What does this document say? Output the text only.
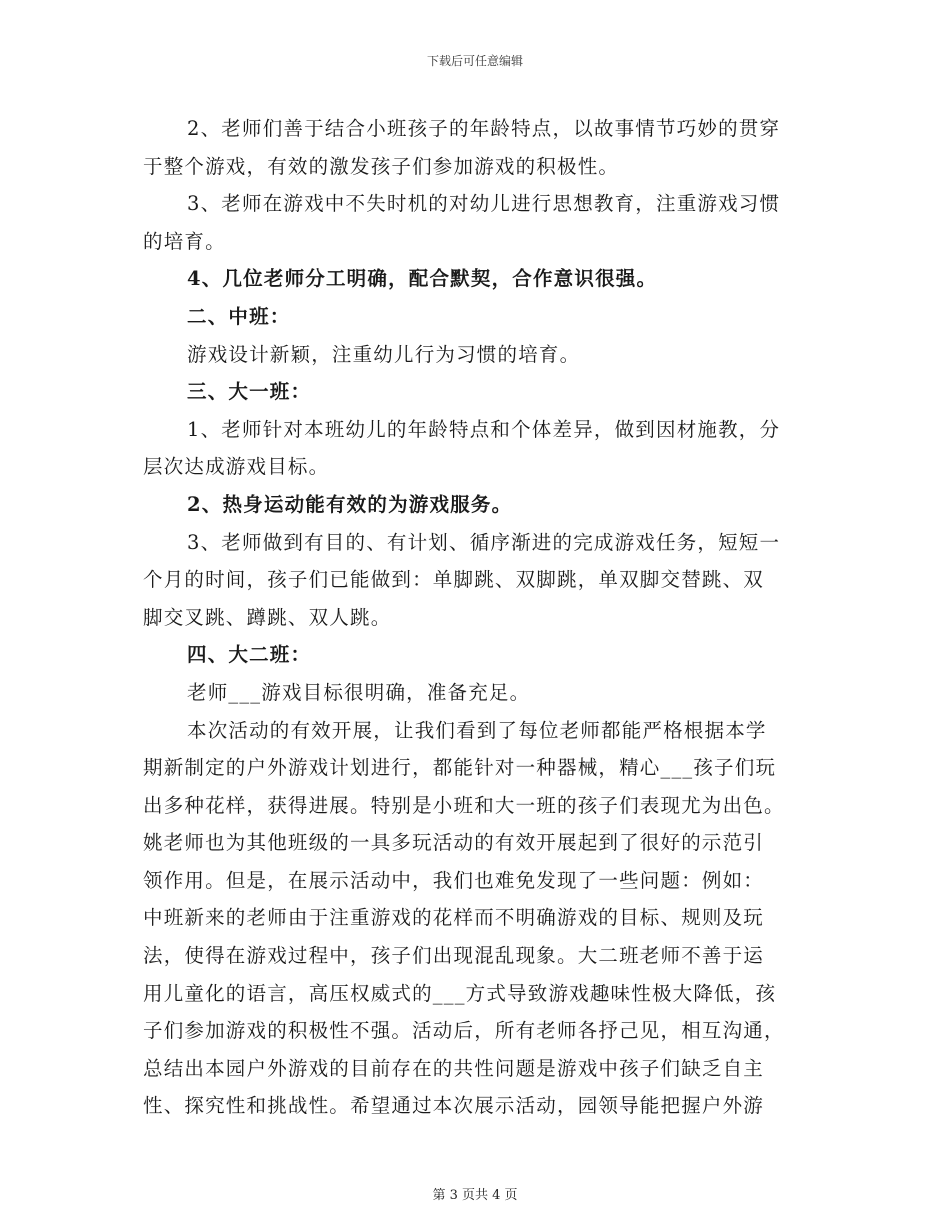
下载后可任意编辑
2、老师们善于结合小班孩子的年龄特点，以故事情节巧妙的贯穿
于整个游戏，有效的激发孩子们参加游戏的积极性。
3、老师在游戏中不失时机的对幼儿进行思想教育，注重游戏习惯
的培育。
4、几位老师分工明确，配合默契，合作意识很强。
二、中班：
游戏设计新颖，注重幼儿行为习惯的培育。
三、大一班：
1、老师针对本班幼儿的年龄特点和个体差异，做到因材施教，分
层次达成游戏目标。
2、热身运动能有效的为游戏服务。
3、老师做到有目的、有计划、循序渐进的完成游戏任务，短短一
个月的时间，孩子们已能做到：单脚跳、双脚跳，单双脚交替跳、双
脚交叉跳、蹲跳、双人跳。
四、大二班：
老师___游戏目标很明确，准备充足。
本次活动的有效开展，让我们看到了每位老师都能严格根据本学
期新制定的户外游戏计划进行，都能针对一种器械，精心___孩子们玩
出多种花样，获得进展。特别是小班和大一班的孩子们表现尤为出色。
姚老师也为其他班级的一具多玩活动的有效开展起到了很好的示范引
领作用。但是，在展示活动中，我们也难免发现了一些问题：例如：
中班新来的老师由于注重游戏的花样而不明确游戏的目标、规则及玩
法，使得在游戏过程中，孩子们出现混乱现象。大二班老师不善于运
用儿童化的语言，高压权威式的___方式导致游戏趣味性极大降低，孩
子们参加游戏的积极性不强。活动后，所有老师各抒己见，相互沟通，
总结出本园户外游戏的目前存在的共性问题是游戏中孩子们缺乏自主
性、探究性和挑战性。希望通过本次展示活动，园领导能把握户外游
第 3 页共 4 页
